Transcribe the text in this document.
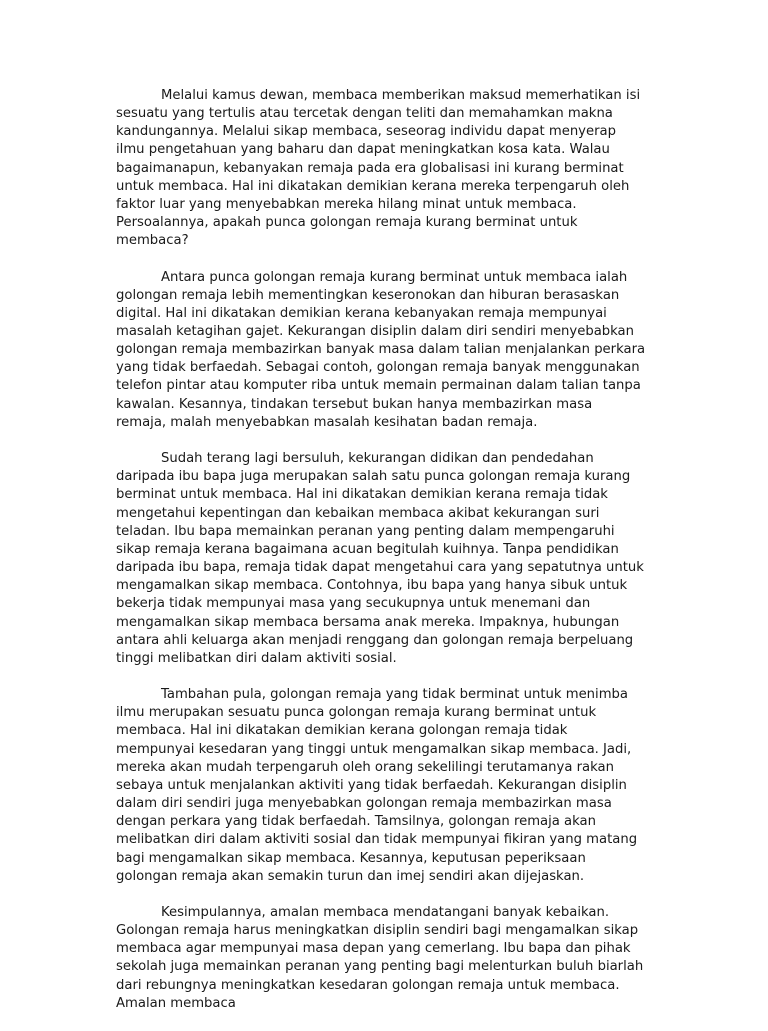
Melalui kamus dewan, membaca memberikan maksud memerhatikan isi sesuatu yang tertulis atau tercetak dengan teliti dan memahamkan makna kandungannya. Melalui sikap membaca, seseorag individu dapat menyerap ilmu pengetahuan yang baharu dan dapat meningkatkan kosa kata. Walau bagaimanapun, kebanyakan remaja pada era globalisasi ini kurang berminat untuk membaca. Hal ini dikatakan demikian kerana mereka terpengaruh oleh faktor luar yang menyebabkan mereka hilang minat untuk membaca. Persoalannya, apakah punca golongan remaja kurang berminat untuk membaca?

Antara punca golongan remaja kurang berminat untuk membaca ialah golongan remaja lebih mementingkan keseronokan dan hiburan berasaskan digital. Hal ini dikatakan demikian kerana kebanyakan remaja mempunyai masalah ketagihan gajet. Kekurangan disiplin dalam diri sendiri menyebabkan golongan remaja membazirkan banyak masa dalam talian menjalankan perkara yang tidak berfaedah. Sebagai contoh, golongan remaja banyak menggunakan telefon pintar atau komputer riba untuk memain permainan dalam talian tanpa kawalan. Kesannya, tindakan tersebut bukan hanya membazirkan masa remaja, malah menyebabkan masalah kesihatan badan remaja.

Sudah terang lagi bersuluh, kekurangan didikan dan pendedahan daripada ibu bapa juga merupakan salah satu punca golongan remaja kurang berminat untuk membaca. Hal ini dikatakan demikian kerana remaja tidak mengetahui kepentingan dan kebaikan membaca akibat kekurangan suri teladan. Ibu bapa memainkan peranan yang penting dalam mempengaruhi sikap remaja kerana bagaimana acuan begitulah kuihnya. Tanpa pendidikan daripada ibu bapa, remaja tidak dapat mengetahui cara yang sepatutnya untuk mengamalkan sikap membaca. Contohnya, ibu bapa yang hanya sibuk untuk bekerja tidak mempunyai masa yang secukupnya untuk menemani dan mengamalkan sikap membaca bersama anak mereka. Impaknya, hubungan antara ahli keluarga akan menjadi renggang dan golongan remaja berpeluang tinggi melibatkan diri dalam aktiviti sosial.

Tambahan pula, golongan remaja yang tidak berminat untuk menimba ilmu merupakan sesuatu punca golongan remaja kurang berminat untuk membaca. Hal ini dikatakan demikian kerana golongan remaja tidak mempunyai kesedaran yang tinggi untuk mengamalkan sikap membaca. Jadi, mereka akan mudah terpengaruh oleh orang sekelilingi terutamanya rakan sebaya untuk menjalankan aktiviti yang tidak berfaedah. Kekurangan disiplin dalam diri sendiri juga menyebabkan golongan remaja membazirkan masa dengan perkara yang tidak berfaedah. Tamsilnya, golongan remaja akan melibatkan diri dalam aktiviti sosial dan tidak mempunyai fikiran yang matang bagi mengamalkan sikap membaca. Kesannya, keputusan peperiksaan golongan remaja akan semakin turun dan imej sendiri akan dijejaskan.

Kesimpulannya, amalan membaca mendatangani banyak kebaikan. Golongan remaja harus meningkatkan disiplin sendiri bagi mengamalkan sikap membaca agar mempunyai masa depan yang cemerlang. Ibu bapa dan pihak sekolah juga memainkan peranan yang penting bagi melenturkan buluh biarlah dari rebungnya meningkatkan kesedaran golongan remaja untuk membaca. Amalan membaca
